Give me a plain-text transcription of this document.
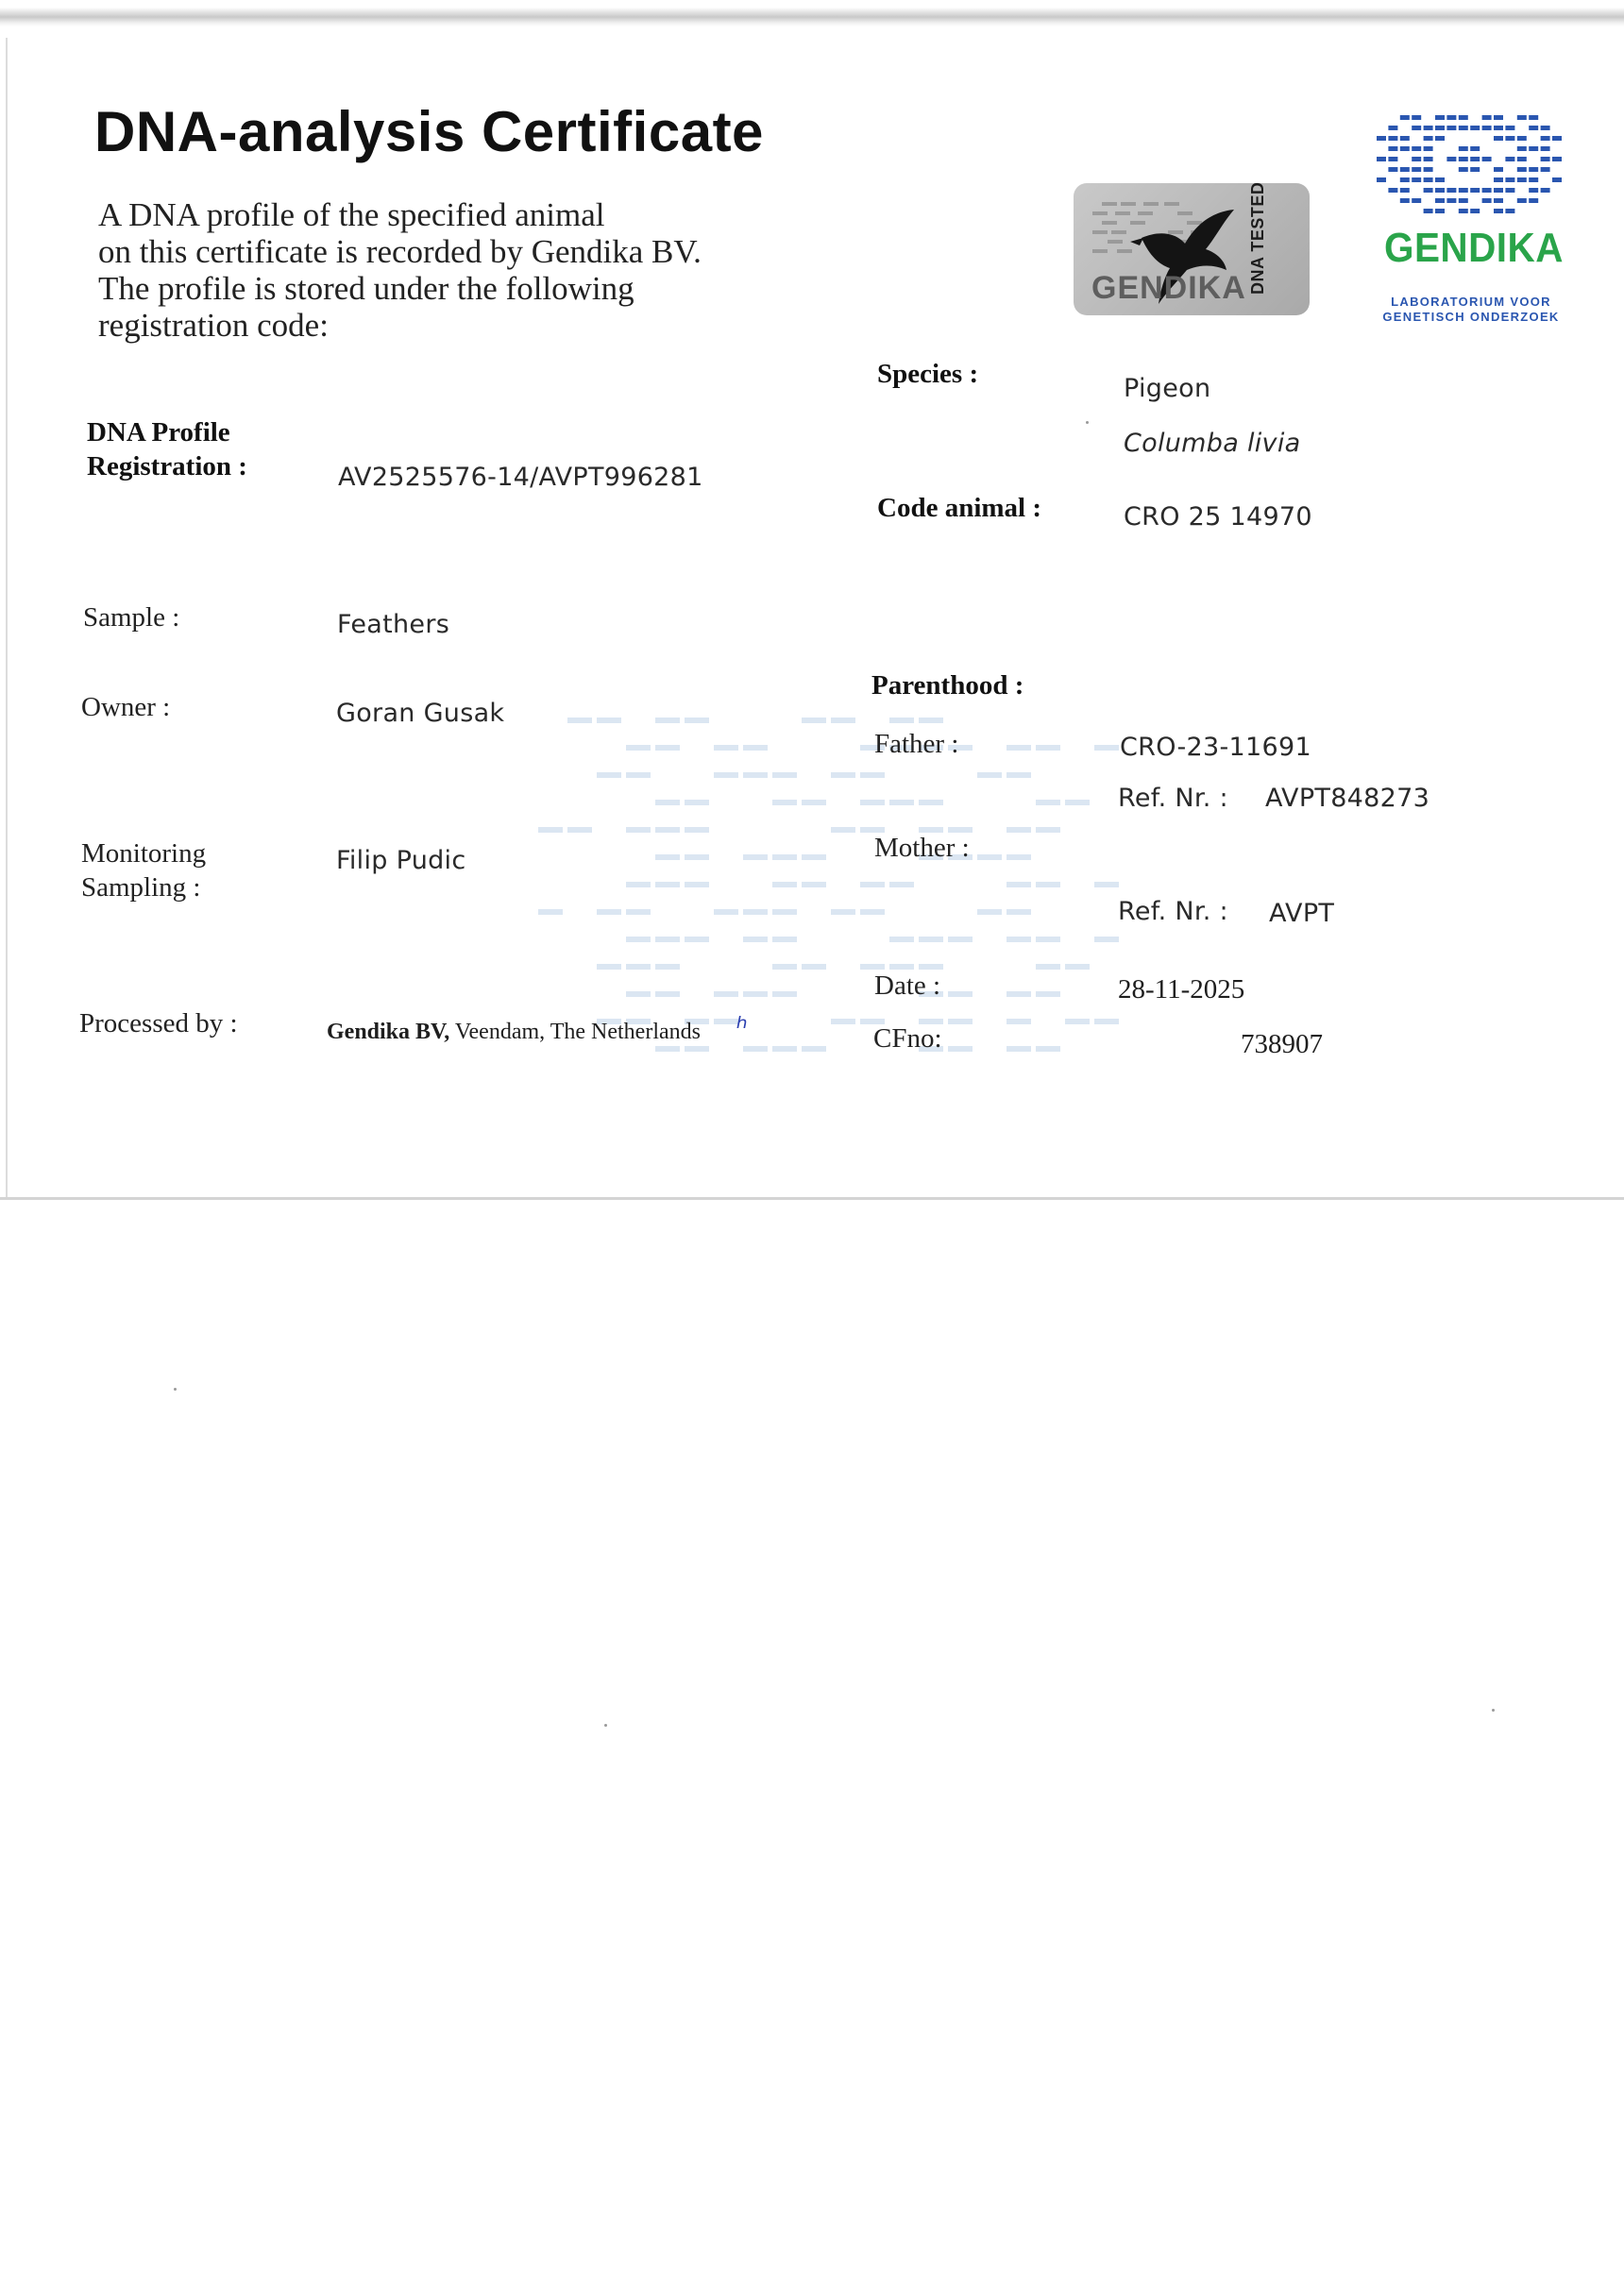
DNA-analysis Certificate
A DNA profile of the specified animal
on this certificate is recorded by Gendika BV.
The profile is stored under the following
registration code:
GENDIKA DNA TESTED	GENDIKA
LABORATORIUM VOOR
GENETISCH ONDERZOEK
DNA Profile
Registration :	AV2525576-14/AVPT996281
Sample :	Feathers
Owner :	Goran Gusak
Monitoring
Sampling :
Filip Pudic
Processed by :	Gendika BV, Veendam, The Netherlands ʰ
Species :	Pigeon
Columba livia
Code animal :	CRO 25 14970
Parenthood :
Father :	CRO-23-11691
Ref. Nr. : AVPT848273
Mother :
Ref. Nr. : AVPT
Date :	28-11-2025
CFno:	738907
